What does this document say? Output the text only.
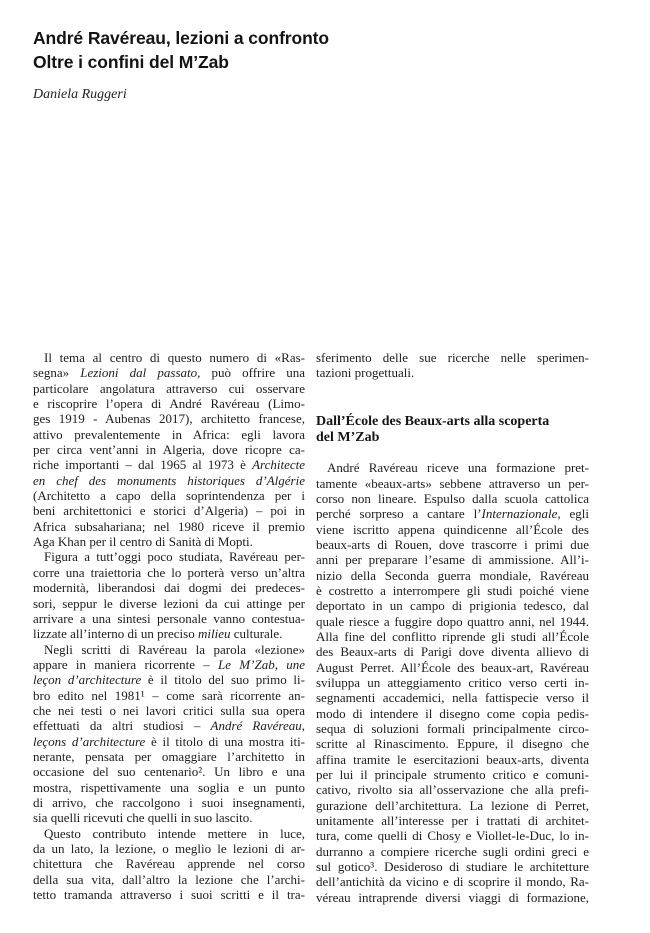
André Ravéreau, lezioni a confronto
Oltre i confini del M’Zab
Daniela Ruggeri
Il tema al centro di questo numero di «Ras-
segna» Lezioni dal passato, può offrire una
particolare angolatura attraverso cui osservare
e riscoprire l’opera di André Ravéreau (Limo-
ges 1919 - Aubenas 2017), architetto francese,
attivo prevalentemente in Africa: egli lavora
per circa vent’anni in Algeria, dove ricopre ca-
riche importanti – dal 1965 al 1973 è Architecte
en chef des monuments historiques d’Algérie
(Architetto a capo della soprintendenza per i
beni architettonici e storici d’Algeria) – poi in
Africa subsahariana; nel 1980 riceve il premio
Aga Khan per il centro di Sanità di Mopti.
Figura a tutt’oggi poco studiata, Ravéreau per-
corre una traiettoria che lo porterà verso un’altra
modernità, liberandosi dai dogmi dei predeces-
sori, seppur le diverse lezioni da cui attinge per
arrivare a una sintesi personale vanno contestua-
lizzate all’interno di un preciso milieu culturale.
Negli scritti di Ravéreau la parola «lezione»
appare in maniera ricorrente – Le M’Zab, une
leçon d’architecture è il titolo del suo primo li-
bro edito nel 1981¹ – come sarà ricorrente an-
che nei testi o nei lavori critici sulla sua opera
effettuati da altri studiosi – André Ravéreau,
leçons d’architecture è il titolo di una mostra iti-
nerante, pensata per omaggiare l’architetto in
occasione del suo centenario². Un libro e una
mostra, rispettivamente una soglia e un punto
di arrivo, che raccolgono i suoi insegnamenti,
sia quelli ricevuti che quelli in suo lascito.
Questo contributo intende mettere in luce,
da un lato, la lezione, o meglio le lezioni di ar-
chitettura che Ravéreau apprende nel corso
della sua vita, dall’altro la lezione che l’archi-
tetto tramanda attraverso i suoi scritti e il tra-
sferimento delle sue ricerche nelle sperimen-
tazioni progettuali.
Dall’École des Beaux-arts alla scoperta
del M’Zab
André Ravéreau riceve una formazione pret-
tamente «beaux-arts» sebbene attraverso un per-
corso non lineare. Espulso dalla scuola cattolica
perché sorpreso a cantare l’Internazionale, egli
viene iscritto appena quindicenne all’École des
beaux-arts di Rouen, dove trascorre i primi due
anni per preparare l’esame di ammissione. All’i-
nizio della Seconda guerra mondiale, Ravéreau
è costretto a interrompere gli studi poiché viene
deportato in un campo di prigionia tedesco, dal
quale riesce a fuggire dopo quattro anni, nel 1944.
Alla fine del conflitto riprende gli studi all’École
des Beaux-arts di Parigi dove diventa allievo di
August Perret. All’École des beaux-art, Ravéreau
sviluppa un atteggiamento critico verso certi in-
segnamenti accademici, nella fattispecie verso il
modo di intendere il disegno come copia pedis-
sequa di soluzioni formali principalmente circo-
scritte al Rinascimento. Eppure, il disegno che
affina tramite le esercitazioni beaux-arts, diventa
per lui il principale strumento critico e comuni-
cativo, rivolto sia all’osservazione che alla prefi-
gurazione dell’architettura. La lezione di Perret,
unitamente all’interesse per i trattati di architet-
tura, come quelli di Chosy e Viollet-le-Duc, lo in-
durranno a compiere ricerche sugli ordini greci e
sul gotico³. Desideroso di studiare le architetture
dell’antichità da vicino e di scoprire il mondo, Ra-
véreau intraprende diversi viaggi di formazione,
